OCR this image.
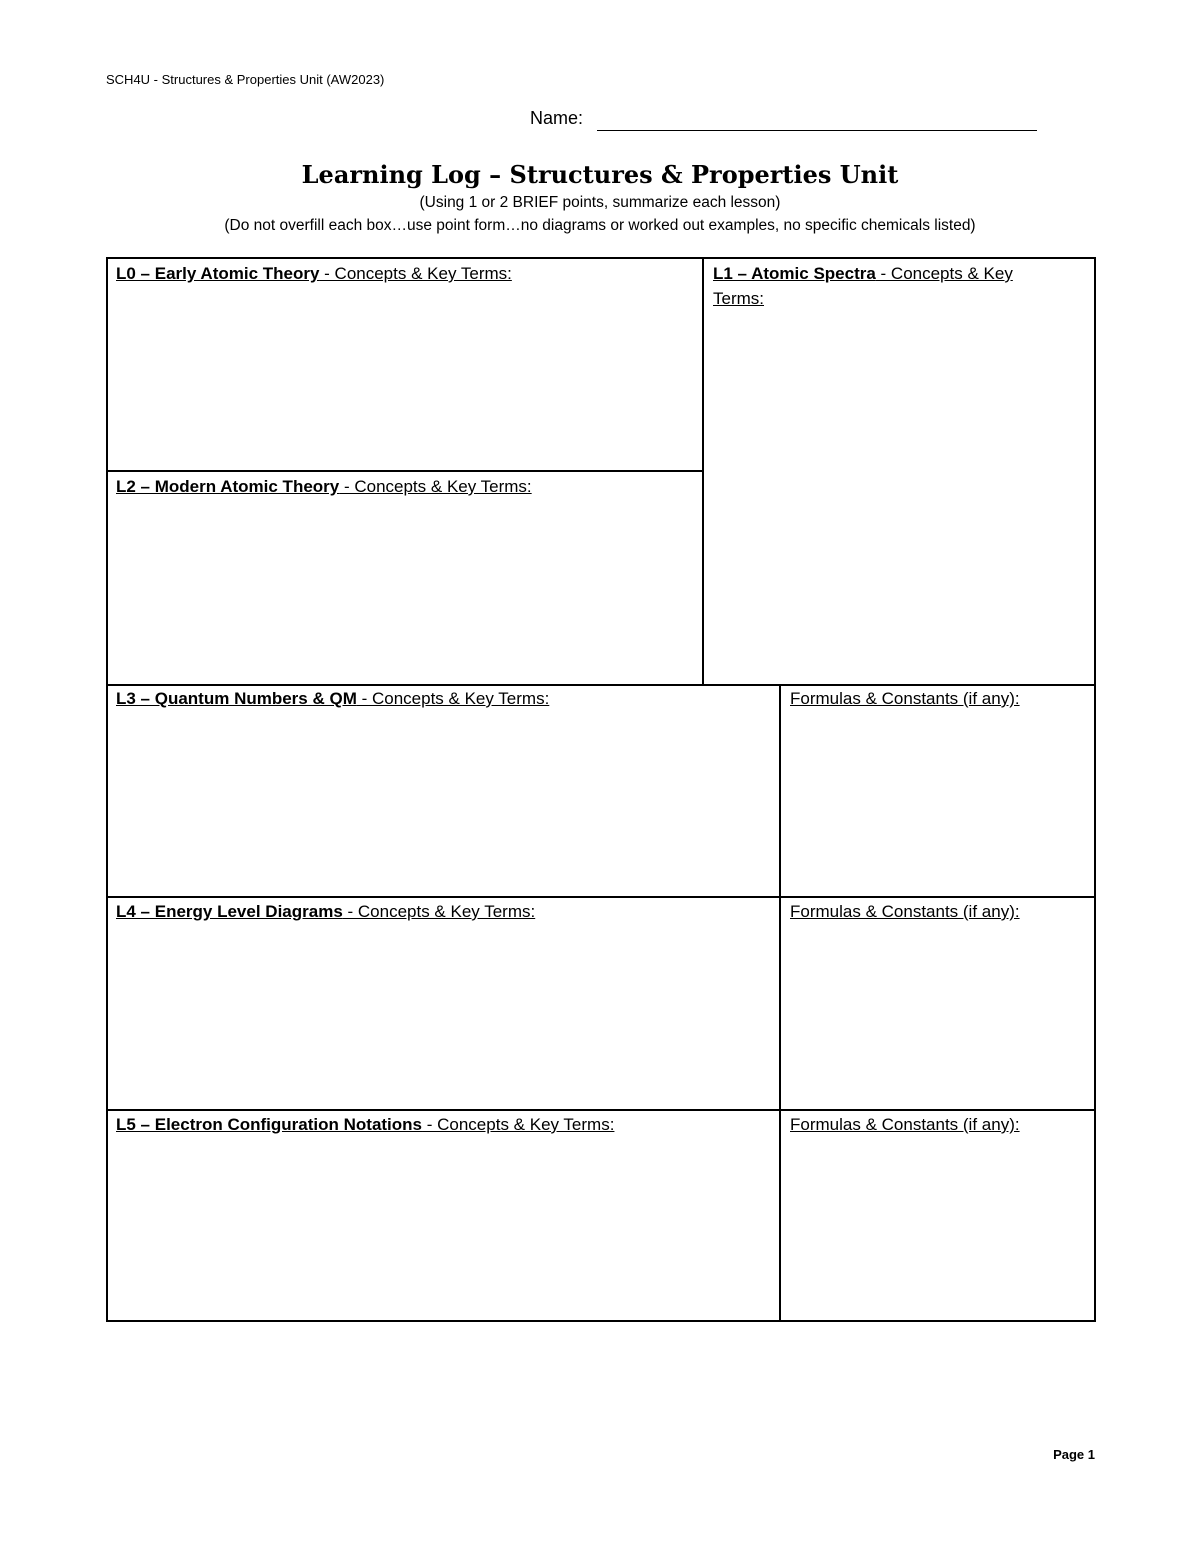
SCH4U - Structures & Properties Unit (AW2023)
Name:
Learning Log – Structures & Properties Unit
(Using 1 or 2 BRIEF points, summarize each lesson)
(Do not overfill each box…use point form…no diagrams or worked out examples, no specific chemicals listed)
L0 – Early Atomic Theory - Concepts & Key Terms:	L1 – Atomic Spectra - Concepts & Key Terms:
L2 – Modern Atomic Theory - Concepts & Key Terms:
L3 – Quantum Numbers & QM - Concepts & Key Terms:	Formulas & Constants (if any):
L4 – Energy Level Diagrams - Concepts & Key Terms:	Formulas & Constants (if any):
L5 – Electron Configuration Notations - Concepts & Key Terms:	Formulas & Constants (if any):
Page 1
